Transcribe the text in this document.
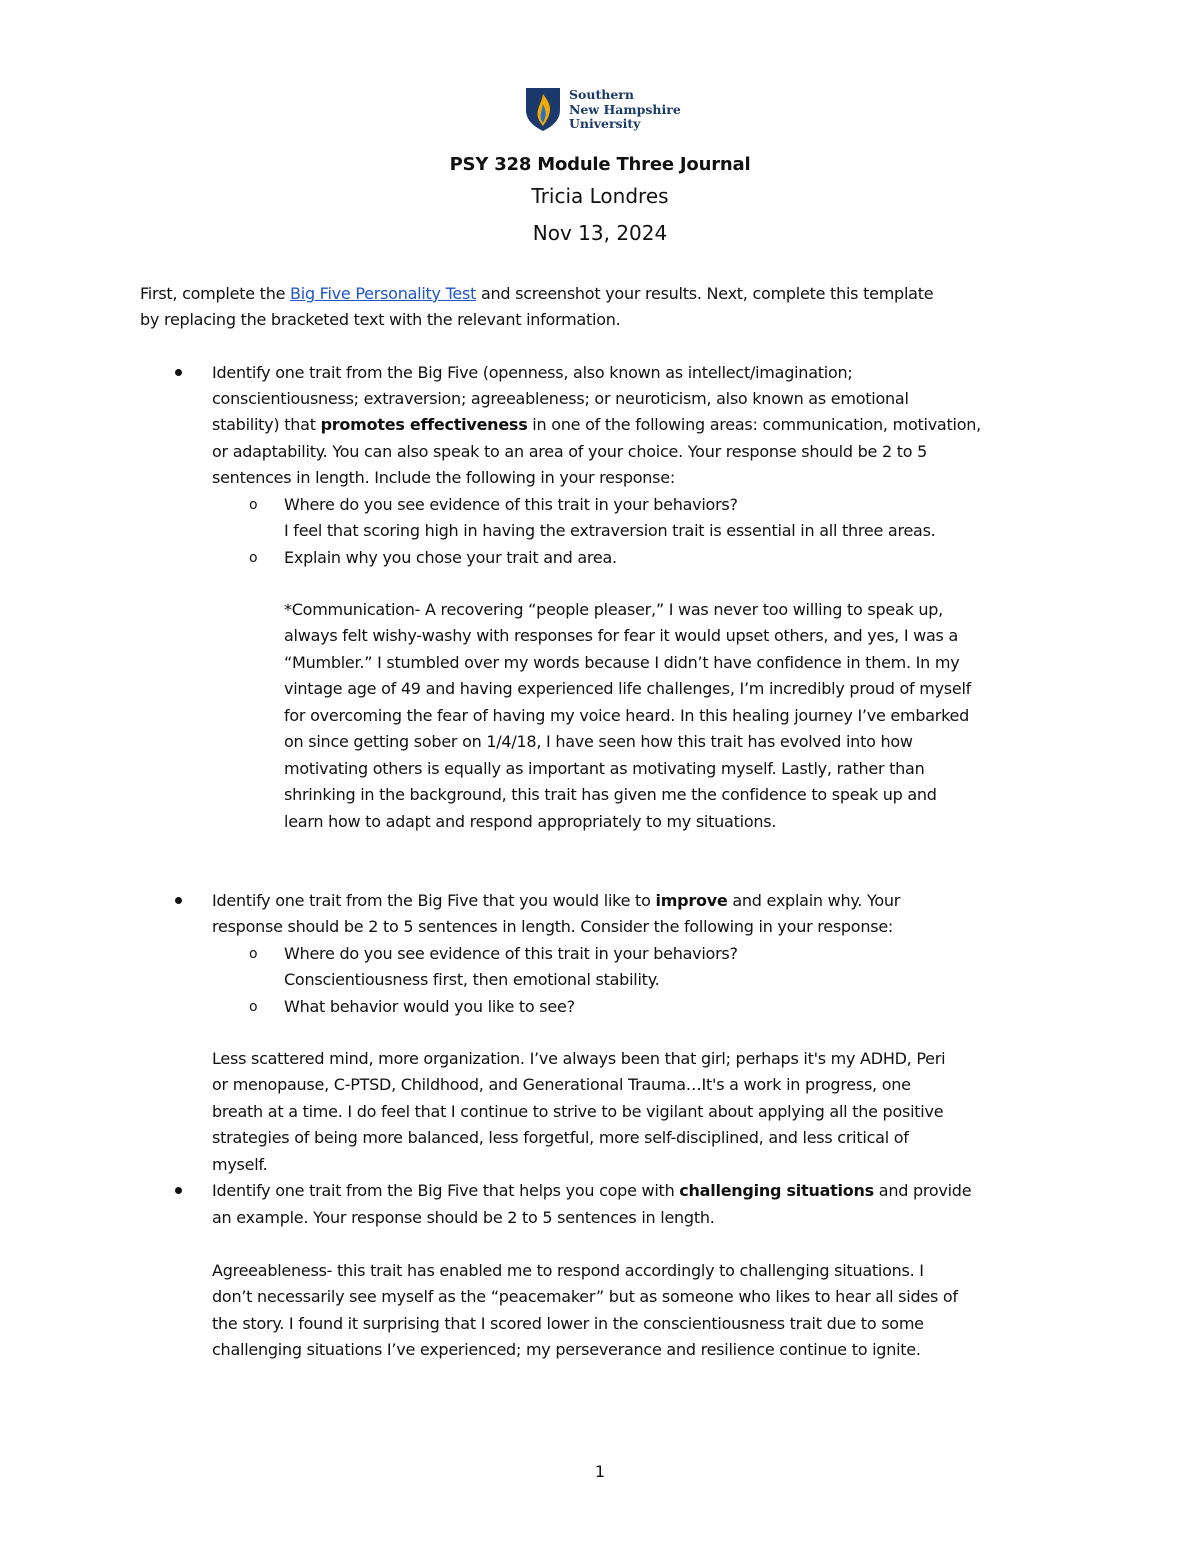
Southern
New Hampshire
University
PSY 328 Module Three Journal
Tricia Londres
Nov 13, 2024
First, complete the Big Five Personality Test and screenshot your results. Next, complete this template
by replacing the bracketed text with the relevant information.
Identify one trait from the Big Five (openness, also known as intellect/imagination;
conscientiousness; extraversion; agreeableness; or neuroticism, also known as emotional
stability) that promotes effectiveness in one of the following areas: communication, motivation,
or adaptability. You can also speak to an area of your choice. Your response should be 2 to 5
sentences in length. Include the following in your response:
o Where do you see evidence of this trait in your behaviors?
I feel that scoring high in having the extraversion trait is essential in all three areas.
o Explain why you chose your trait and area.
*Communication- A recovering “people pleaser,” I was never too willing to speak up,
always felt wishy-washy with responses for fear it would upset others, and yes, I was a
“Mumbler.” I stumbled over my words because I didn’t have confidence in them. In my
vintage age of 49 and having experienced life challenges, I’m incredibly proud of myself
for overcoming the fear of having my voice heard. In this healing journey I’ve embarked
on since getting sober on 1/4/18, I have seen how this trait has evolved into how
motivating others is equally as important as motivating myself. Lastly, rather than
shrinking in the background, this trait has given me the confidence to speak up and
learn how to adapt and respond appropriately to my situations.
Identify one trait from the Big Five that you would like to improve and explain why. Your
response should be 2 to 5 sentences in length. Consider the following in your response:
o Where do you see evidence of this trait in your behaviors?
Conscientiousness first, then emotional stability.
o What behavior would you like to see?
Less scattered mind, more organization. I’ve always been that girl; perhaps it's my ADHD, Peri
or menopause, C-PTSD, Childhood, and Generational Trauma…It's a work in progress, one
breath at a time. I do feel that I continue to strive to be vigilant about applying all the positive
strategies of being more balanced, less forgetful, more self-disciplined, and less critical of
myself.
Identify one trait from the Big Five that helps you cope with challenging situations and provide
an example. Your response should be 2 to 5 sentences in length.
Agreeableness- this trait has enabled me to respond accordingly to challenging situations. I
don’t necessarily see myself as the “peacemaker” but as someone who likes to hear all sides of
the story. I found it surprising that I scored lower in the conscientiousness trait due to some
challenging situations I’ve experienced; my perseverance and resilience continue to ignite.
1
